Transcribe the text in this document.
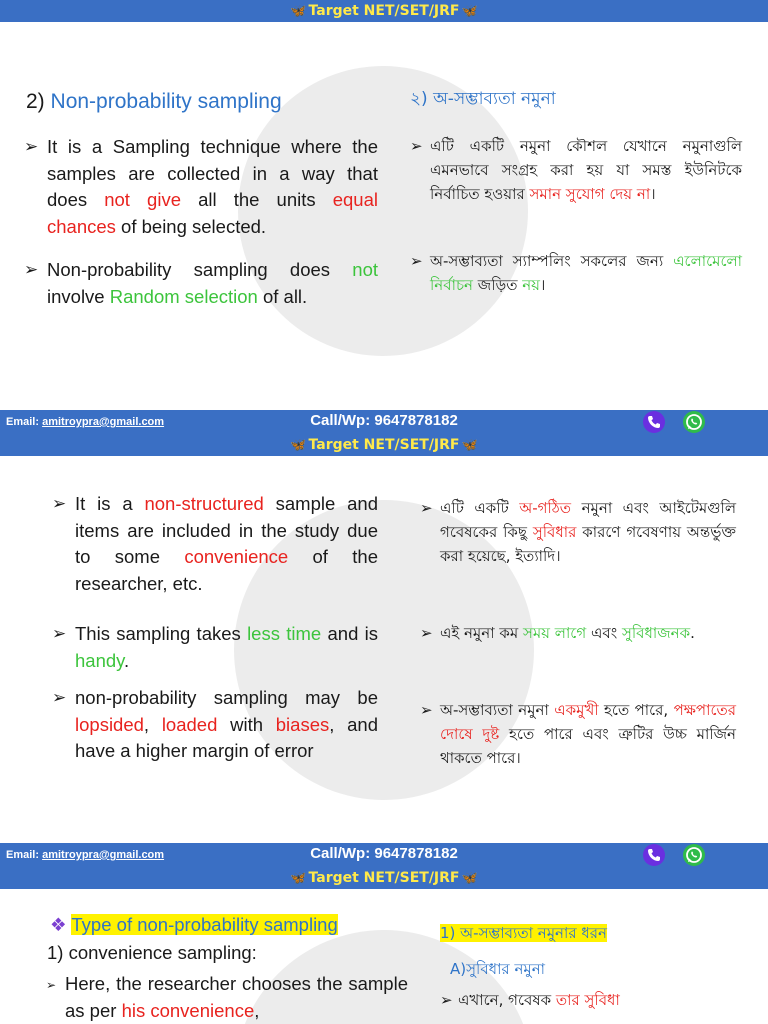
🦋 Target NET/SET/JRF 🦋
2) Non-probability sampling	২) অ-সম্ভাব্যতা নমুনা
➢ It is a Sampling technique where the samples are collected in a way that does not give all the units equal chances of being selected.
➢ Non-probability sampling does not involve Random selection of all.
➢ এটি একটি নমুনা কৌশল যেখানে নমুনাগুলি এমনভাবে সংগ্রহ করা হয় যা সমস্ত ইউনিটকে নির্বাচিত হওয়ার সমান সুযোগ দেয় না।
➢ অ-সম্ভাব্যতা স্যাম্পলিং সকলের জন্য এলোমেলো নির্বাচন জড়িত নয়।
Email: amitroypra@gmail.com	Call/Wp: 9647878182
🦋 Target NET/SET/JRF 🦋
➢ It is a non-structured sample and items are included in the study due to some convenience of the researcher, etc.
➢ This sampling takes less time and is handy.
➢ non-probability sampling may be lopsided, loaded with biases, and have a higher margin of error
➢ এটি একটি অ-গঠিত নমুনা এবং আইটেমগুলি গবেষকের কিছু সুবিধার কারণে গবেষণায় অন্তর্ভুক্ত করা হয়েছে, ইত্যাদি।
➢ এই নমুনা কম সময় লাগে এবং সুবিধাজনক.
➢ অ-সম্ভাব্যতা নমুনা একমুখী হতে পারে, পক্ষপাতের দোষে দুষ্ট হতে পারে এবং ত্রুটির উচ্চ মার্জিন থাকতে পারে।
Email: amitroypra@gmail.com	Call/Wp: 9647878182
🦋 Target NET/SET/JRF 🦋
❖ Type of non-probability sampling
1) convenience sampling:
1) অ-সম্ভাব্যতা নমুনার ধরন
A)সুবিধার নমুনা
➢ Here, the researcher chooses the sample as per his convenience,	➢ এখানে, গবেষক তার সুবিধা
